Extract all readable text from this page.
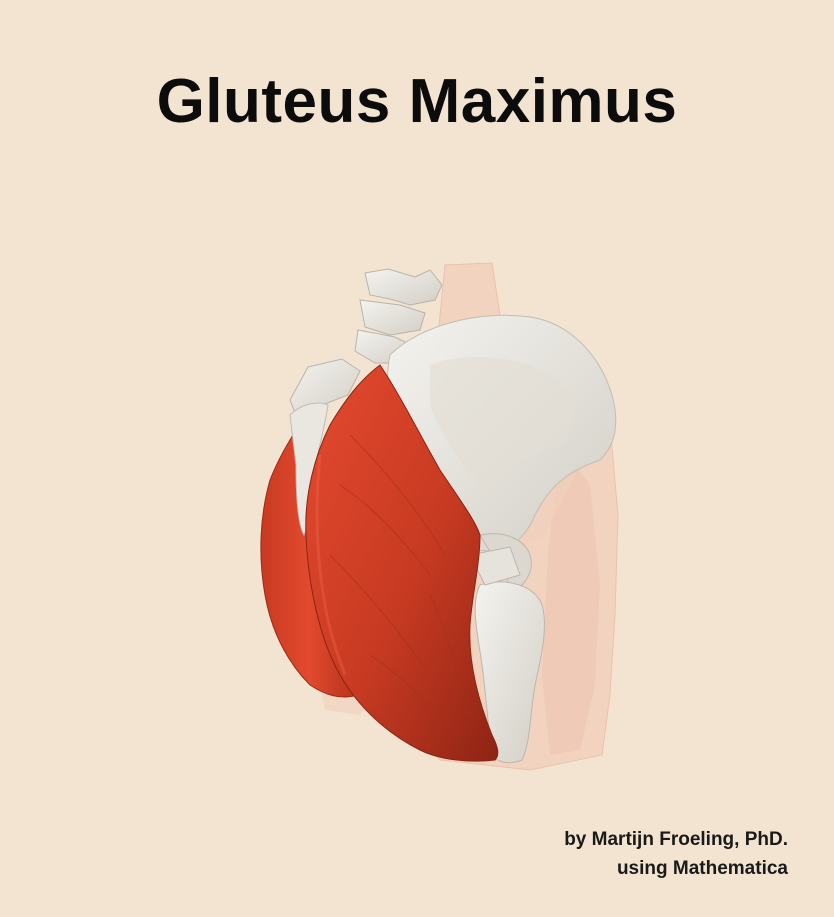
Gluteus Maximus
by Martijn Froeling, PhD.
using Mathematica
